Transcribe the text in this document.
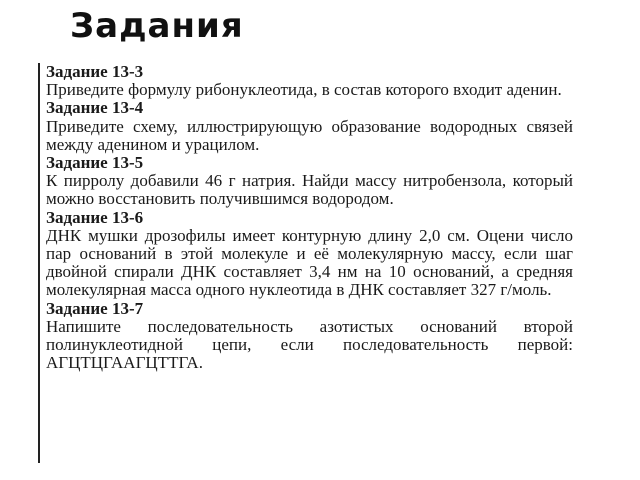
Задания

Задание 13-3

Приведите формулу рибонуклеотида, в состав которого входит аденин.

Задание 13-4

Приведите схему, иллюстрирующую образование водородных связей между аденином и урацилом.

Задание 13-5

К пирролу добавили 46 г натрия. Найди массу нитробензола, который можно восстановить получившимся водородом.

Задание 13-6

ДНК мушки дрозофилы имеет контурную длину 2,0 см. Оцени число пар оснований в этой молекуле и её молекулярную массу, если шаг двойной спирали ДНК составляет 3,4 нм на 10 оснований, а средняя молекулярная масса одного нуклеотида в ДНК составляет 327 г/моль.

Задание 13-7

Напишите последовательность азотистых оснований второй полинуклеотидной цепи, если последовательность первой: АГЦТЦГААГЦТТГА.
